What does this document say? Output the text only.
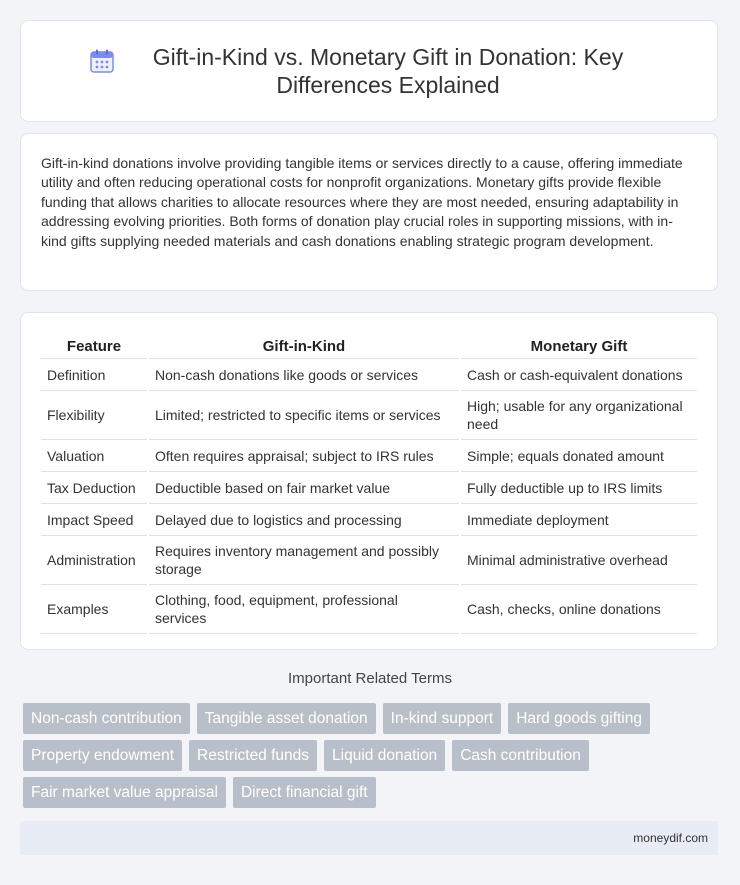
Gift-in-Kind vs. Monetary Gift in Donation: Key Differences Explained

Gift-in-kind donations involve providing tangible items or services directly to a cause, offering immediate utility and often reducing operational costs for nonprofit organizations. Monetary gifts provide flexible funding that allows charities to allocate resources where they are most needed, ensuring adaptability in addressing evolving priorities. Both forms of donation play crucial roles in supporting missions, with in-kind gifts supplying needed materials and cash donations enabling strategic program development.

Feature	Gift-in-Kind	Monetary Gift
Definition	Non-cash donations like goods or services	Cash or cash-equivalent donations
Flexibility	Limited; restricted to specific items or services	High; usable for any organizational need
Valuation	Often requires appraisal; subject to IRS rules	Simple; equals donated amount
Tax Deduction	Deductible based on fair market value	Fully deductible up to IRS limits
Impact Speed	Delayed due to logistics and processing	Immediate deployment
Administration	Requires inventory management and possibly storage	Minimal administrative overhead
Examples	Clothing, food, equipment, professional services	Cash, checks, online donations
Important Related Terms
Non-cash contribution	Tangible asset donation	In-kind support	Hard goods gifting
Property endowment	Restricted funds	Liquid donation	Cash contribution
Fair market value appraisal	Direct financial gift
moneydif.com
